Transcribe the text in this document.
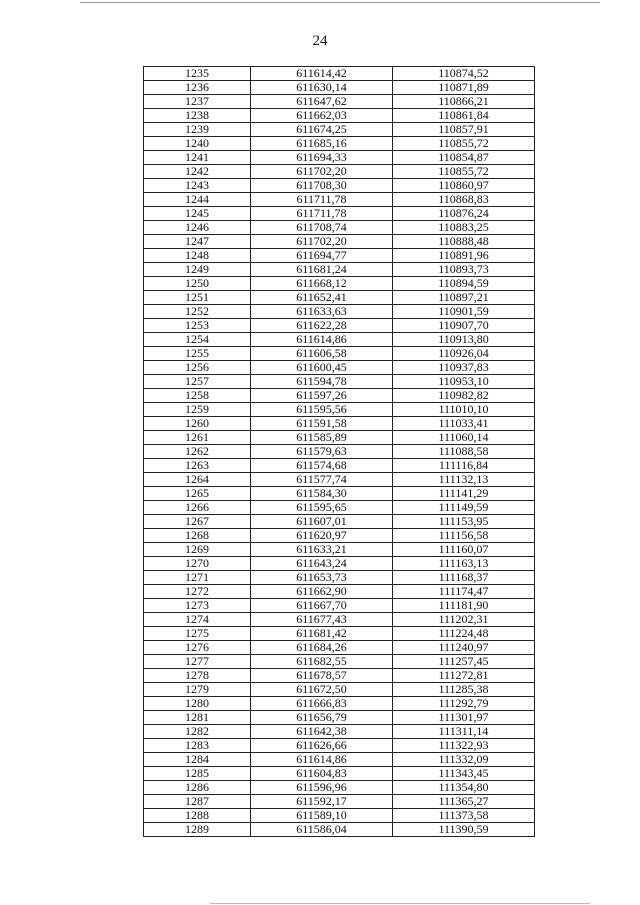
24
1235	611614,42	110874,52
1236	611630,14	110871,89
1237	611647,62	110866,21
1238	611662,03	110861,84
1239	611674,25	110857,91
1240	611685,16	110855,72
1241	611694,33	110854,87
1242	611702,20	110855,72
1243	611708,30	110860,97
1244	611711,78	110868,83
1245	611711,78	110876,24
1246	611708,74	110883,25
1247	611702,20	110888,48
1248	611694,77	110891,96
1249	611681,24	110893,73
1250	611668,12	110894,59
1251	611652,41	110897,21
1252	611633,63	110901,59
1253	611622,28	110907,70
1254	611614,86	110913,80
1255	611606,58	110926,04
1256	611600,45	110937,83
1257	611594,78	110953,10
1258	611597,26	110982,82
1259	611595,56	111010,10
1260	611591,58	111033,41
1261	611585,89	111060,14
1262	611579,63	111088,58
1263	611574,68	111116,84
1264	611577,74	111132,13
1265	611584,30	111141,29
1266	611595,65	111149,59
1267	611607,01	111153,95
1268	611620,97	111156,58
1269	611633,21	111160,07
1270	611643,24	111163,13
1271	611653,73	111168,37
1272	611662,90	111174,47
1273	611667,70	111181,90
1274	611677,43	111202,31
1275	611681,42	111224,48
1276	611684,26	111240,97
1277	611682,55	111257,45
1278	611678,57	111272,81
1279	611672,50	111285,38
1280	611666,83	111292,79
1281	611656,79	111301,97
1282	611642,38	111311,14
1283	611626,66	111322,93
1284	611614,86	111332,09
1285	611604,83	111343,45
1286	611596,96	111354,80
1287	611592,17	111365,27
1288	611589,10	111373,58
1289	611586,04	111390,59
